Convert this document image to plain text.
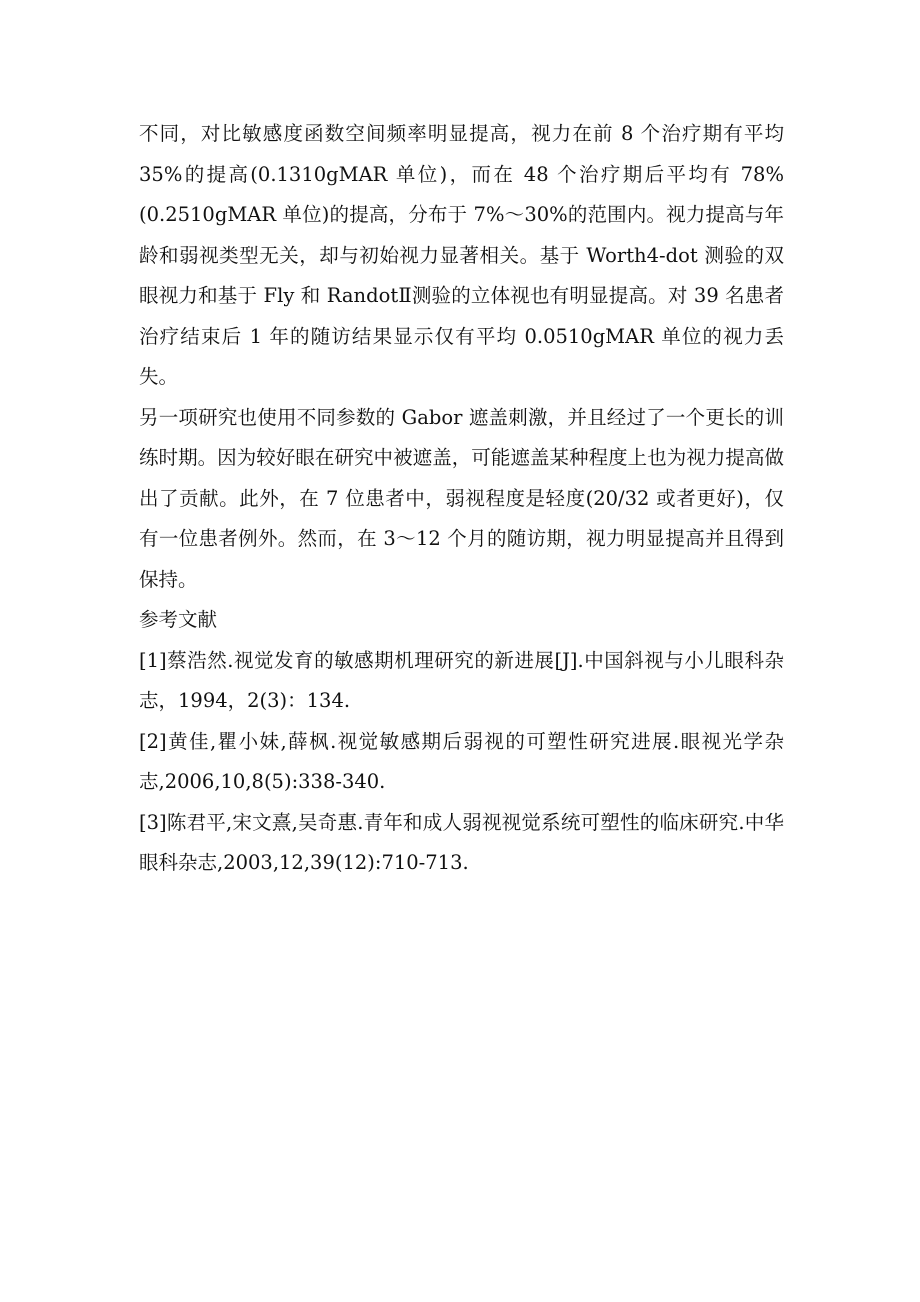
不同，对比敏感度函数空间频率明显提高，视力在前 8 个治疗期有平均 35%的提高(0.1310gMAR 单位)，而在 48 个治疗期后平均有 78%(0.2510gMAR 单位)的提高，分布于 7%～30%的范围内。视力提高与年龄和弱视类型无关，却与初始视力显著相关。基于 Worth4-dot 测验的双眼视力和基于 Fly 和 RandotⅡ测验的立体视也有明显提高。对 39 名患者治疗结束后 1 年的随访结果显示仅有平均 0.0510gMAR 单位的视力丢失。

另一项研究也使用不同参数的 Gabor 遮盖刺激，并且经过了一个更长的训练时期。因为较好眼在研究中被遮盖，可能遮盖某种程度上也为视力提高做出了贡献。此外，在 7 位患者中，弱视程度是轻度(20/32 或者更好)，仅有一位患者例外。然而，在 3～12 个月的随访期，视力明显提高并且得到保持。

参考文献

[1]蔡浩然.视觉发育的敏感期机理研究的新进展[J].中国斜视与小儿眼科杂志，1994，2(3)：134.

[2]黄佳,瞿小妹,薛枫.视觉敏感期后弱视的可塑性研究进展.眼视光学杂志,2006,10,8(5):338-340.

[3]陈君平,宋文熹,吴奇惠.青年和成人弱视视觉系统可塑性的临床研究.中华眼科杂志,2003,12,39(12):710-713.
